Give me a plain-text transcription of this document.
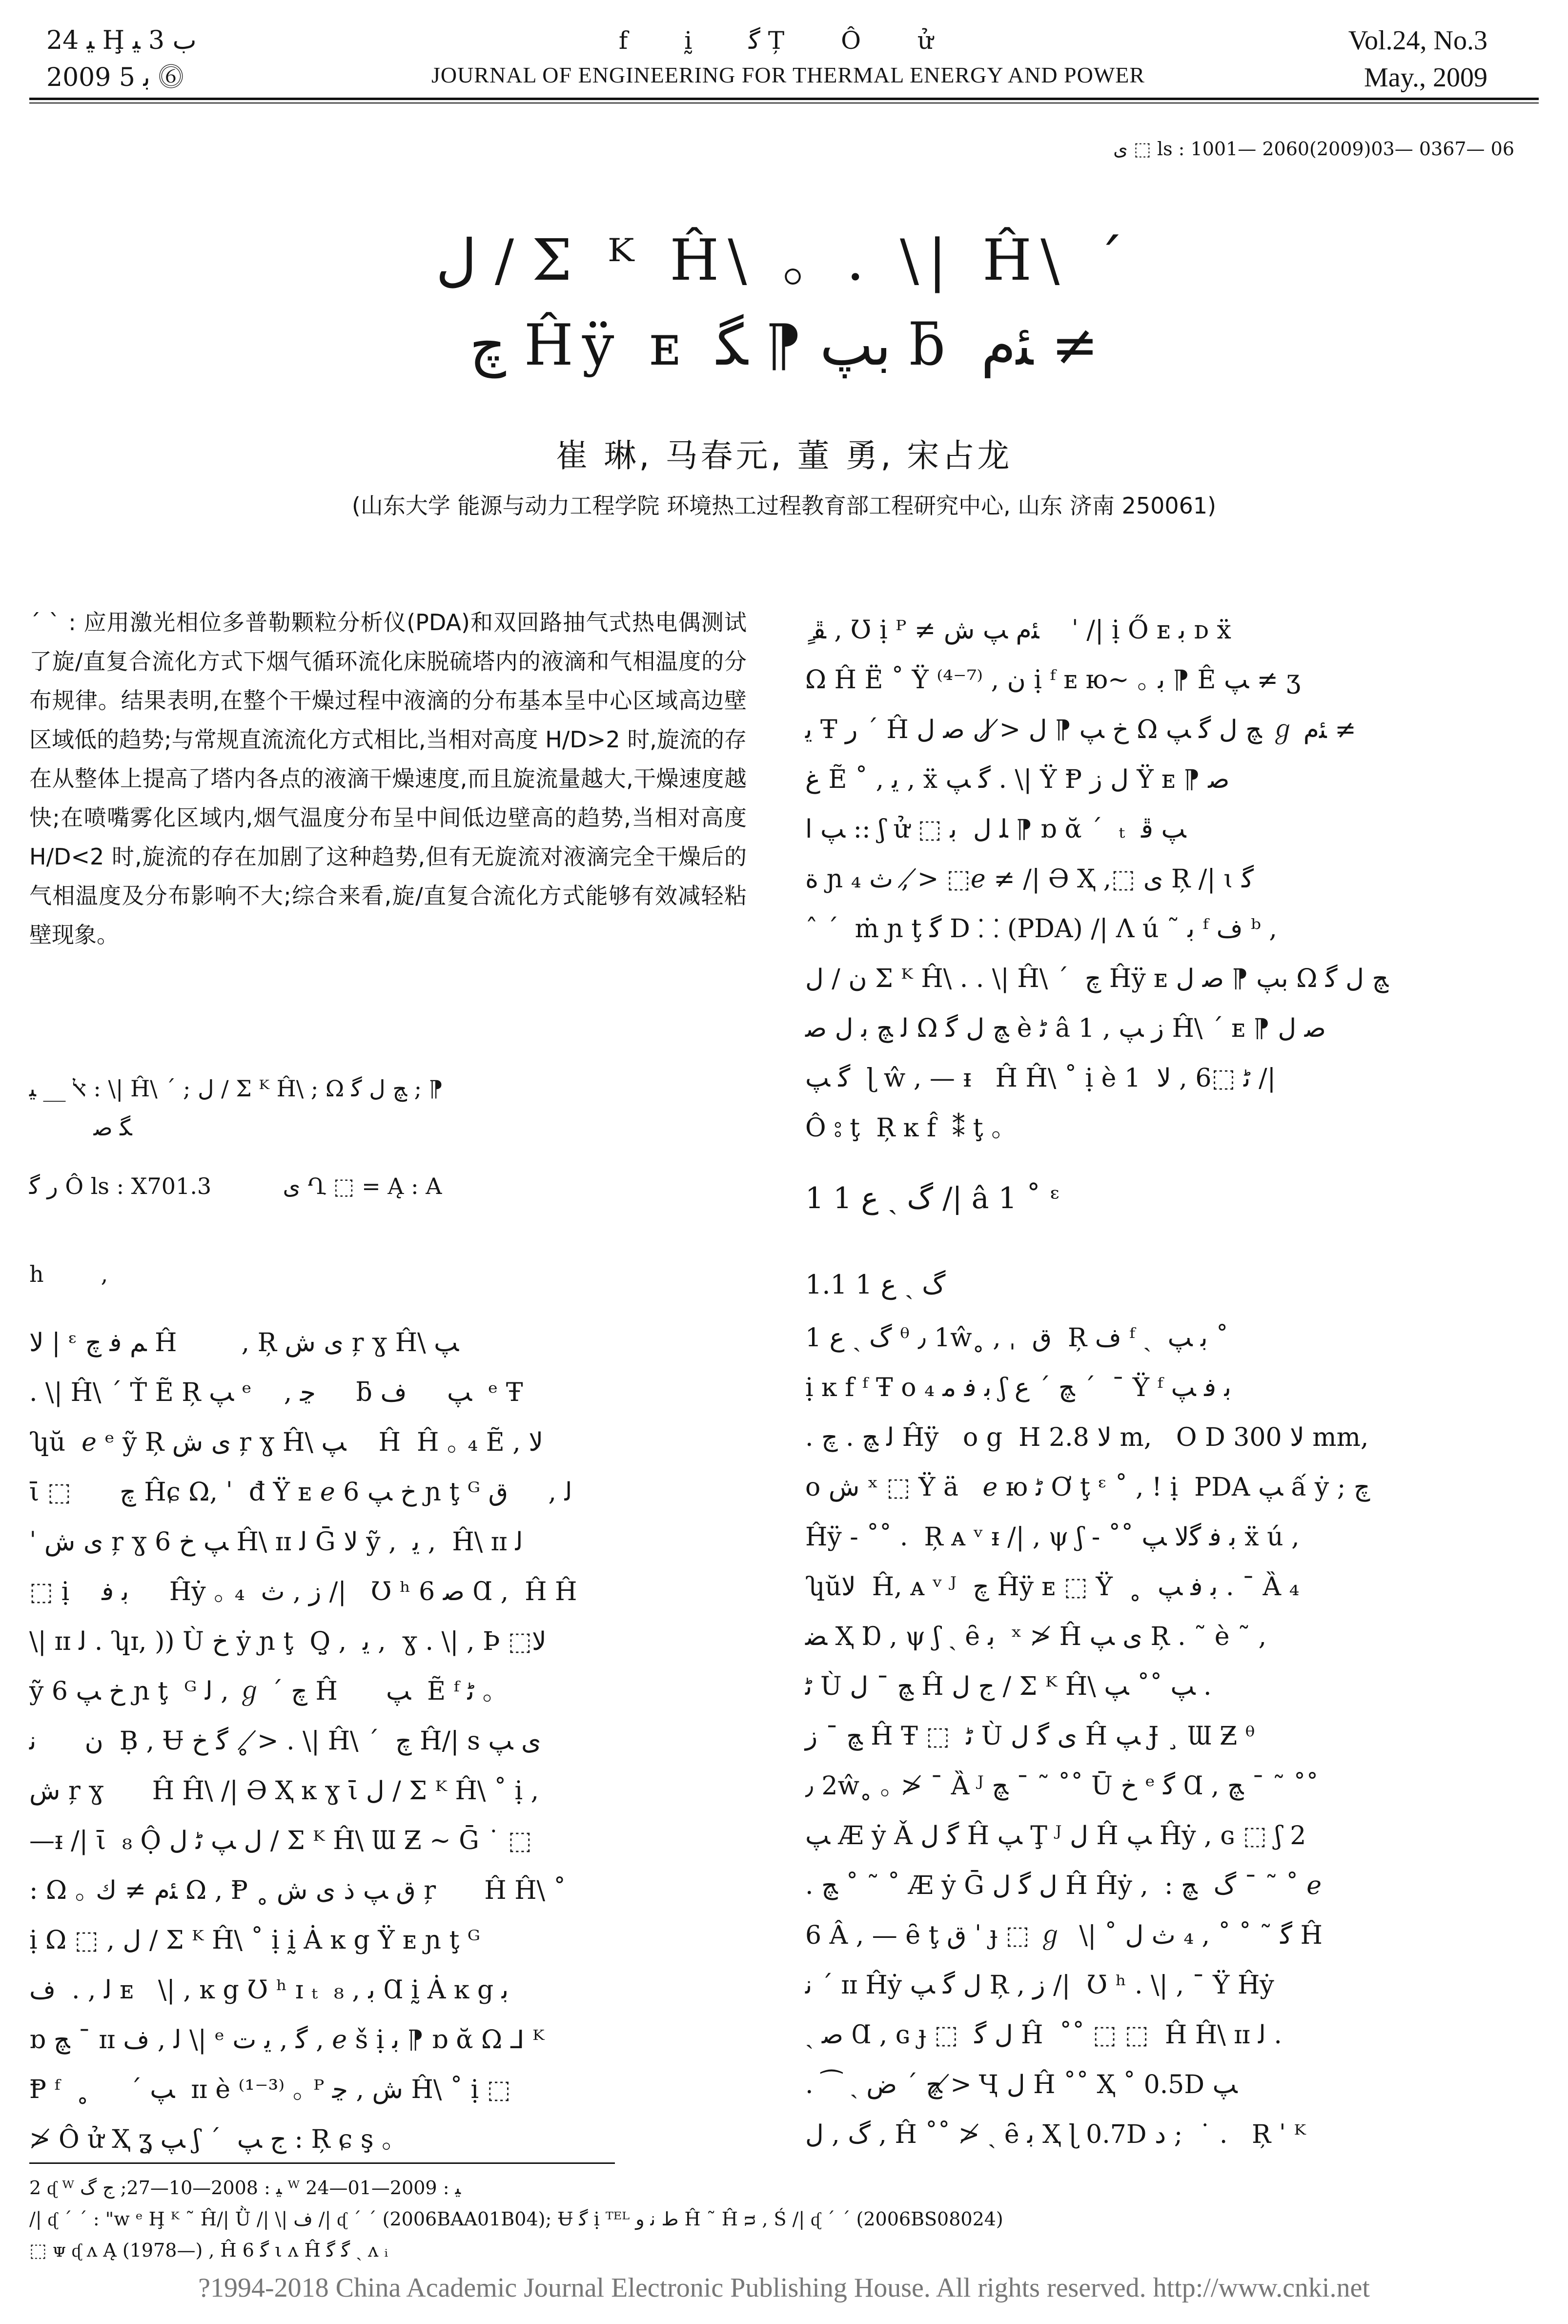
ﯿ 24 Ḩ ﺏ 3 ﯿ
2009 ﺑ 5 ⓺
f ḭ ﮔ Ț Ô ử
JOURNAL OF ENGINEERING FOR THERMAL ENERGY AND POWER
Vol.24, No.3
May., 2009
ﯼ ⬚ ls : 1001— 2060(2009)03— 0367— 06
ﻝ / Σ ᴷ Ĥ\ ｡ . \| Ĥ\ ˊ
ﭺ Ĥÿ ᴇ ﺑﭗ ⁋ ﮕ ƃ ﺌﻡ ≠
崔 琳, 马春元, 董 勇, 宋占龙
(山东大学 能源与动力工程学院 环境热工过程教育部工程研究中心, 山东 济南 250061)

ˊ ˋ : 应用激光相位多普勒颗粒分析仪(PDA)和双回路抽气式热电偶测试了旋/直复合流化方式下烟气循环流化床脱硫塔内的液滴和气相温度的分布规律。结果表明,在整个干燥过程中液滴的分布基本呈中心区域高边壁区域低的趋势;与常规直流流化方式相比,当相对高度 H/D>2 时,旋流的存在从整体上提高了塔内各点的液滴干燥速度,而且旋流量越大,干燥速度越快;在喷嘴雾化区域内,烟气温度分布呈中间低边壁高的趋势,当相对高度 H/D<2 时,旋流的存在加剧了这种趋势,但有无旋流对液滴完全干燥后的气相温度及分布影响不大;综合来看,旋/直复合流化方式能够有效减轻粘壁现象。

ﭏ __ ﯿ : \| Ĥ\ ˊ ; ﻝ / Σ ᴷ Ĥ\ ; Ω ﭻ ﻝ ﮔ ; ⁋
ﮕ ﺻ
ﺭ ﮔ Ô ls : X701.3          ﯼ Ղ ⬚ = Ą : A
h        ,

ﻻ | ᵋ ﻢ ﻓ ﭺ Ĥ        , Ŗ ﯼ ﺵ ŗ ɣ Ĥ\ ﭗ

. \| Ĥ\ ˊ Ť Ẽ Ŗ ﭗ ᵉ    , ﭸ     ƃ ﭗ     ﻑ  ᵉ Ŧ

ʮŭ  ℯ ᵉ ỹ Ŗ ﯼ ﺵ ŗ ɣ Ĥ\ ﭗ    Ĥ  Ĥ ｡ ₄ Ẽ , ﻻ

ῑ ⬚      ﭺ Ĥɕ Ω, ˈ  đ Ÿ ᴇ ℯ 6 ﺥ ﭗ ɲ ţ ᴳ ﻟ ,     ﻕ

ˈ ﯼ ﺵ ŗ ɣ 6 ﭗ ﺥ Ĥ\ ɪɪ ﻟ Ḡ ﻻ ỹ ,  ﻳ ,  Ĥ\ ɪɪ ﻟ

⬚ ị    ﺑ ﻓ     Ĥẏ ｡ ₄  ﺯ , ﺙ /|   Ʊ ʰ 6 ﺻ Ɑ ,  Ĥ Ĥ

\| ɪɪ ﻟ . ʮɪ, )) Ù ﺥ ẏ ɲ ţ  Ọ̧ ,  ﻳ ,  ɣ . \| , Þ ⬚ﻻ

ỹ 6 ﺥ ﭗ ɲ ţ  ᴳ ﻟ , ℊ ˊ ﭺ Ĥ      ﭗ  Ẽ ᶠ ﭨ ｡

ﻥ      ﻧ  Ḅ , Ʉ ﮔ ﺥ ˳ ≯ . \| Ĥ\ ˊ  ﭺ Ĥ/| s ﯼ ﭗ

ﺵ ŗ ɣ      Ĥ Ĥ\ /| Ə Ҳ ĸ ɣ ῑ ﻝ / Σ ᴷ Ĥ\ ˚ ị ,

—ᵻ /| ῑ  ₈ Ộ ﻝ ﭗ ﭨ ﻝ / Σ ᴷ Ĥ\ Ɯ Ƶ ~ Ḡ ˙ ⬚

: Ω ｡ ﺌﻡ ≠ ﻙ Ω , Ᵽ ˳ ﻕ ﭗ ﺫ ﯼ ﺵ ŗ      Ĥ Ĥ\ ˚

ị Ω ⬚ , ﻝ / Σ ᴷ Ĥ\ ˚ ị ḭ Ȧ ĸ g Ÿ ᴇ ɲ ţ ᴳ

ﻟ , .  ﻑ ᴇ   \| , ĸ g Ʊ ʰ ɪ ₜ  ﺑ , ₈ Ɑ ḭ Ȧ ĸ g ﺑ

ɒ ﭻ ¯ ɪɪ ﻟ , ﻑ \| ᵉ ﮔ , ﻳ ﺕ , ℯ š ị ﺑ ⁋ ɒ ᾰ Ω ⅃ ᴷ

Ᵽ ᶠ  ˳     ˊ ﭗ  ɪɪ è ⁽¹⁻³⁾ ｡ ᴾ ﺵ , ﭸ Ĥ\ ˚ ị ⬚

≯ Ô ử Ҳ ʓ ﭗ ʃ ˊ  ﺝ ﭗ : Ŗ ɕ ş ｡

ٍ ﭱ , Ʊ ị ᴾ ≠ ﺌﻡ ﭗ ﺵ    ˈ /| ị Ő ᴇ ﺑ ᴅ ẍ

Ω Ĥ Ë ˚ Ÿ ⁽⁴⁻⁷⁾ , ﻥ ị ᶠ ᴇ ю~ ｡ ﺑ ⁋ Ê ﭗ ≠ ʒ

ﻳ Ŧ ﺭ ˊ Ĥ ﺥ ﭗ ⁋ ﻝ ≯ ﻝ ﺻ ﻝ Ω ﭻ ﻝ ﮔ ﭗ ℊ ﺌﻡ ≠

ﻍ Ẽ ˚ , ﻳ , ẍ ﮔ ﭗ . \| Ÿ Ᵽ ﻝ ﺯ Ÿ ᴇ ⁋ ﺻ

ﭗ ﺍ :: ʃ ử ⬚ ﻠ ﻝ  ﺑ ⁋ ɒ ᾰ ˊ  ₜ  ﭗ ﭰ

ﺓ ɲ ₄ ﺙ , ≯ ⬚ℯ ≠ /| Ə Ҳ ,⬚ ﯼ Ŗ /| ɩ ﮔ

ˆ ˊ  ṁ ɲ ţ ﮔ D ⸬ (PDA) /| Ʌ ú ˜ ﺑ ᶠ ﻑ ᵇ ,

ﻥ / ﻝ Σ ᴷ Ĥ\ . . \| Ĥ\ ˊ  ﭺ Ĥÿ ᴇ ﺑﭗ ⁋ ﺻ ﻝ Ω ﭻ ﻝ ﮔ

ﻟ ﭻ ﺑ ﻝ ﺻ Ω ﭻ ﻝ ﮔ è ﭨ â 1 , ﺯ ﭗ Ĥ\ ˊ ᴇ ⁋ ﺻ ﻝ

ﮔ ﭗ  ɭ ŵ , — ᵻ   Ĥ Ĥ\ ˚ ị è ﭨ ⬚6 , ﻻ  1 /|

Ô ⦂ ţ  Ŗ ĸ f̂  ⁑ ţ ｡

1 1 ﮒ ˏ ﻉ /| â 1 ˚ ᵋ
1.1 1 ﮒ ˏ ﻉ

1 ﮒ ˏ ﻉ ᶿ ٫ 1ŵ˳ , ˌ  ﻕ  Ŗ ﻑ ᶠ ˏ  ﺑ ﭗ ˚

ị ĸ f ᶠ Ŧ o ﺑ ﻓ ﻣ ₄ ʃ ﭻ ˊ ﻉ ˊ  ¯ Ÿ ᶠ ﺑ ﻓ ﭗ

. ﻟ ﭻ . ﭺ Ĥÿ   o g  H ﻻ 2.8 m,   O D ﻻ 300 mm,

o ﺵ ˣ ⬚ Ÿ ä   ℯ ю ﭨ Ơ ţ ᵋ ˚ , ! ị  PDA ﭗ ấ ẏ ; ﭺ

Ĥÿ - ˚˚ .  Ŗ ᴀ ᵛ ᵻ /| , ψ ʃ - ˚˚ ﺑ ﻓ ﮔﻻ ﭗ ẍ ú ,

ʮŭﻻ  Ĥ, ᴀ ᵛ ᴶ  ﭺ Ĥÿ ᴇ ⬚ Ÿ  ˳  ﺑ ﻓ ﭗ . ¯ Ȁ ₄

ﻀ Ҳ Ɒ , ψ ʃ ˏ ȇ ﺑ  ˣ ≯ Ĥ ﯼ ﭗ Ŗ . ˜ è ˜ ,

ﭨ Ù ﭻ ¯ ﻝ Ĥ ﺝ ﻝ / Σ ᴷ Ĥ\ ﭗ ˚˚ ﭗ .

ﭻ ¯ ﺯ Ĥ Ŧ ⬚  ﭨ Ù ﯼ ﮔ ﻝ Ĥ ﭗ Ɉ ¸ Ɯ Ƶ ᶿ

٫ 2ŵ˳ ｡ ≯ ¯ Ȁ ᴶ ﭻ ¯ ˜ ˚˚ Ū ﺥ ᵉ ﮔ Ɑ , ﭻ ¯ ˜ ˚˚

ﭗ Æ ẏ Ǎ ﮔ ﻝ Ĥ ﭗ Ţ ᴶ ﻝ Ĥ ﭗ Ĥẏ , ɢ ⬚ ʃ 2

. ﭻ ˚ ˜ ˚ Æ ẏ Ḡ ﻝ ﮔ ﻝ Ĥ Ĥẏ ,  : ﮒ  ﭻ ¯ ˜ ˚ ℯ

6 Â , — ȇ ţ ﻕ ˈ ɟ ⬚ ℊ  \| ˚ ﮔ ˜ ˚ ˚ , ₄ ﺙ ﻝ Ĥ

ﻧ ˊ ɪɪ Ĥẏ ﻝ ﮔ ﭗ Ŗ , ﺯ /|  Ʊ ʰ . \| , ¯ Ÿ Ĥẏ

ˏ ﺻ Ɑ , ɢ ɟ ⬚  ﻝ ﮔ Ĥ  ˚˚ ⬚ ⬚  Ĥ Ĥ\ ɪɪ ﻟ .

. ⁀ ˏ ﭻ ˊ ﺽ ≯ Ҷ ﻝ Ĥ ˚˚ Ҳ ˚ 0.5D ﭗ

ﮒ , ﻝ , Ĥ ˚˚ ≯ ˏ ȇ ﺑ Ҳ ɭ 0.7D ﺩ ;  ˙ .   Ŗ ˈ ᴷ

2 ᶑ ᵂ ﯿ : 2008—10—27; ﺝ ﮒ ᵂ ﯿ : 2009—01—24
/| ᶑ ˊ ˊ : "w ᵉ Ḩ ᴷ ˜ Ĥ/| Ǜ /| \| ﻑ /| ᶑ ˊ ˊ (2006BAA01B04); Ʉ ﮔ ị ᵀᴱᴸ ﻁ ﻧ ﻭ Ĥ ˜ Ĥ ᴝ , Ś /| ᶑ ˊ ˊ (2006BS08024)
⬚ ᴪ ᶑ ʌ Ą (1978—) , Ĥ ﮔ 6 ι ʌ Ĥ ﮔ ﮔ ˏ ʌ ᵢ
?1994-2018 China Academic Journal Electronic Publishing House. All rights reserved. http://www.cnki.net
